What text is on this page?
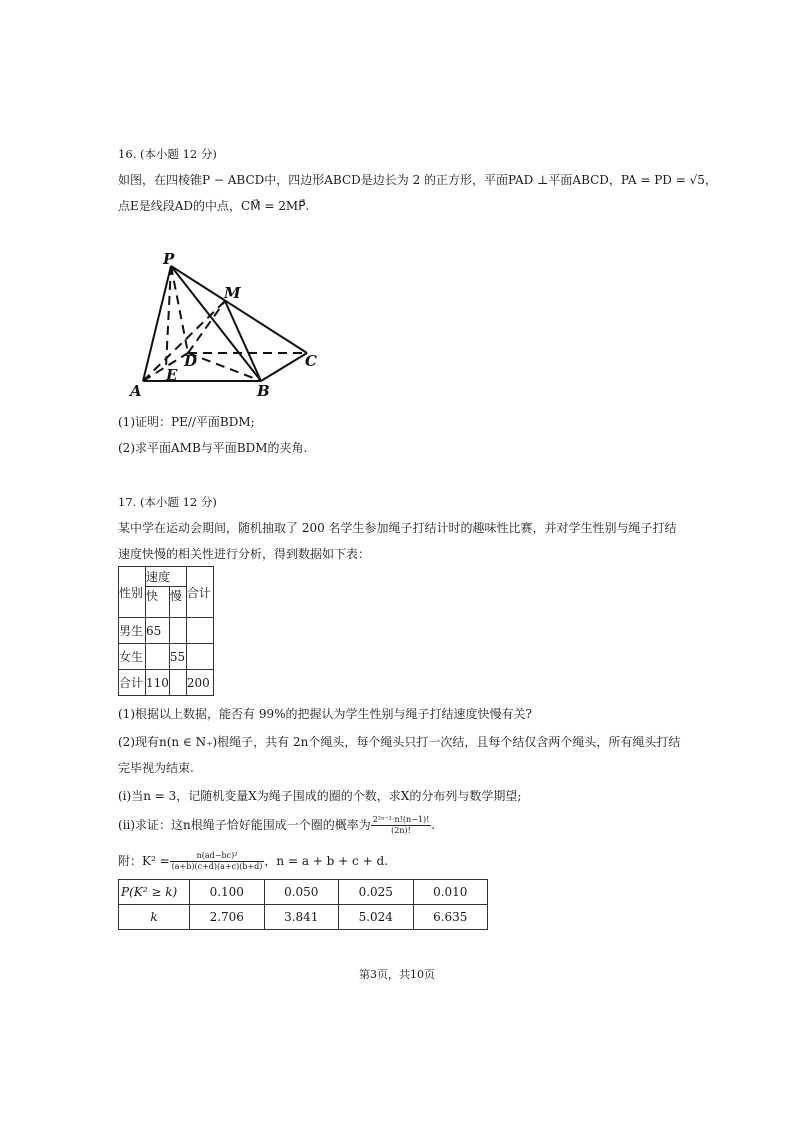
16. (本小题 12 分)
如图，在四棱锥P − ABCD中，四边形ABCD是边长为 2 的正方形，平面PAD ⊥平面ABCD，PA = PD = √5，
点E是线段AD的中点，CM⃗ = 2MP⃗.
P
M
D	C
A
E
B
(1)证明：PE//平面BDM;
(2)求平面AMB与平面BDM的夹角.
17. (本小题 12 分)
某中学在运动会期间，随机抽取了 200 名学生参加绳子打结计时的趣味性比赛，并对学生性别与绳子打结
速度快慢的相关性进行分析，得到数据如下表：
性别	速度		合计
	快	慢	
男生	65		
女生		55	
合计	110		200
(1)根据以上数据，能否有 99%的把握认为学生性别与绳子打结速度快慢有关?
(2)现有n(n ∈ N₊)根绳子，共有 2n个绳头，每个绳头只打一次结，且每个结仅含两个绳头，所有绳头打结
完毕视为结束.
(i)当n = 3，记随机变量X为绳子围成的圈的个数，求X的分布列与数学期望;
(ii)求证：这n根绳子恰好能围成一个圈的概率为 $\frac{\text{2²ⁿ⁻¹·n!(n−1)!}}{(2n)!}$ .
附：$K^2 = \frac{\text{n(ad−bc)²}}{(a+b)(c+d)(a+c)(b+d)}$ ，n = a + b + c + d.
P(K² ≥ k)	0.100	0.050	0.025	0.010
k	2.706	3.841	5.024	6.635
第3页，共10页
